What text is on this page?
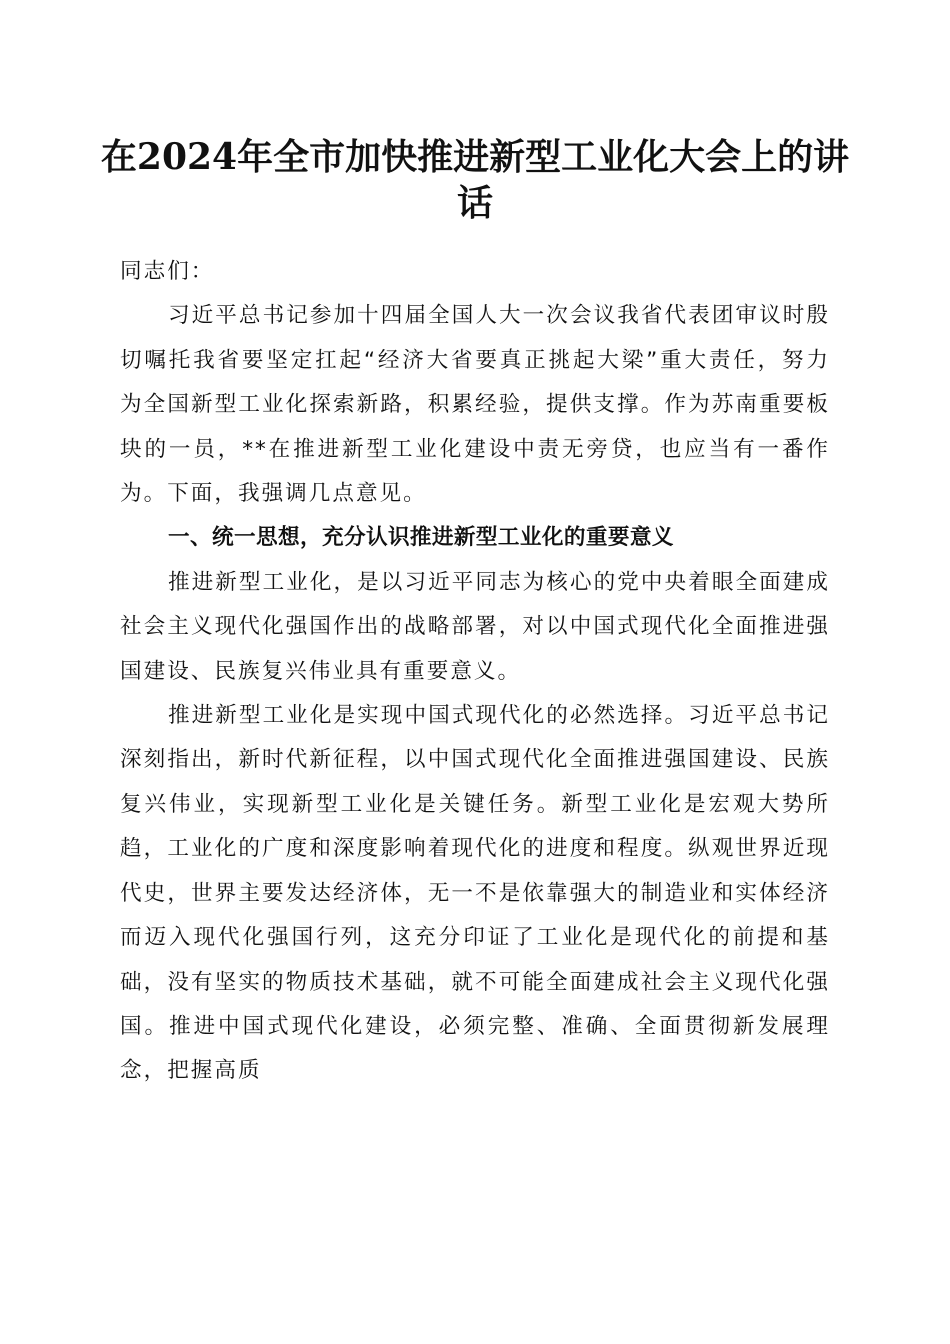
在2024年全市加快推进新型工业化大会上的讲话

同志们：

习近平总书记参加十四届全国人大一次会议我省代表团审议时殷切嘱托我省要坚定扛起“经济大省要真正挑起大梁”重大责任，努力为全国新型工业化探索新路，积累经验，提供支撑。作为苏南重要板块的一员，**在推进新型工业化建设中责无旁贷，也应当有一番作为。下面，我强调几点意见。

一、统一思想，充分认识推进新型工业化的重要意义

推进新型工业化，是以习近平同志为核心的党中央着眼全面建成社会主义现代化强国作出的战略部署，对以中国式现代化全面推进强国建设、民族复兴伟业具有重要意义。

推进新型工业化是实现中国式现代化的必然选择。习近平总书记深刻指出，新时代新征程，以中国式现代化全面推进强国建设、民族复兴伟业，实现新型工业化是关键任务。新型工业化是宏观大势所趋，工业化的广度和深度影响着现代化的进度和程度。纵观世界近现代史，世界主要发达经济体，无一不是依靠强大的制造业和实体经济而迈入现代化强国行列，这充分印证了工业化是现代化的前提和基础，没有坚实的物质技术基础，就不可能全面建成社会主义现代化强国。推进中国式现代化建设，必须完整、准确、全面贯彻新发展理念，把握高质
